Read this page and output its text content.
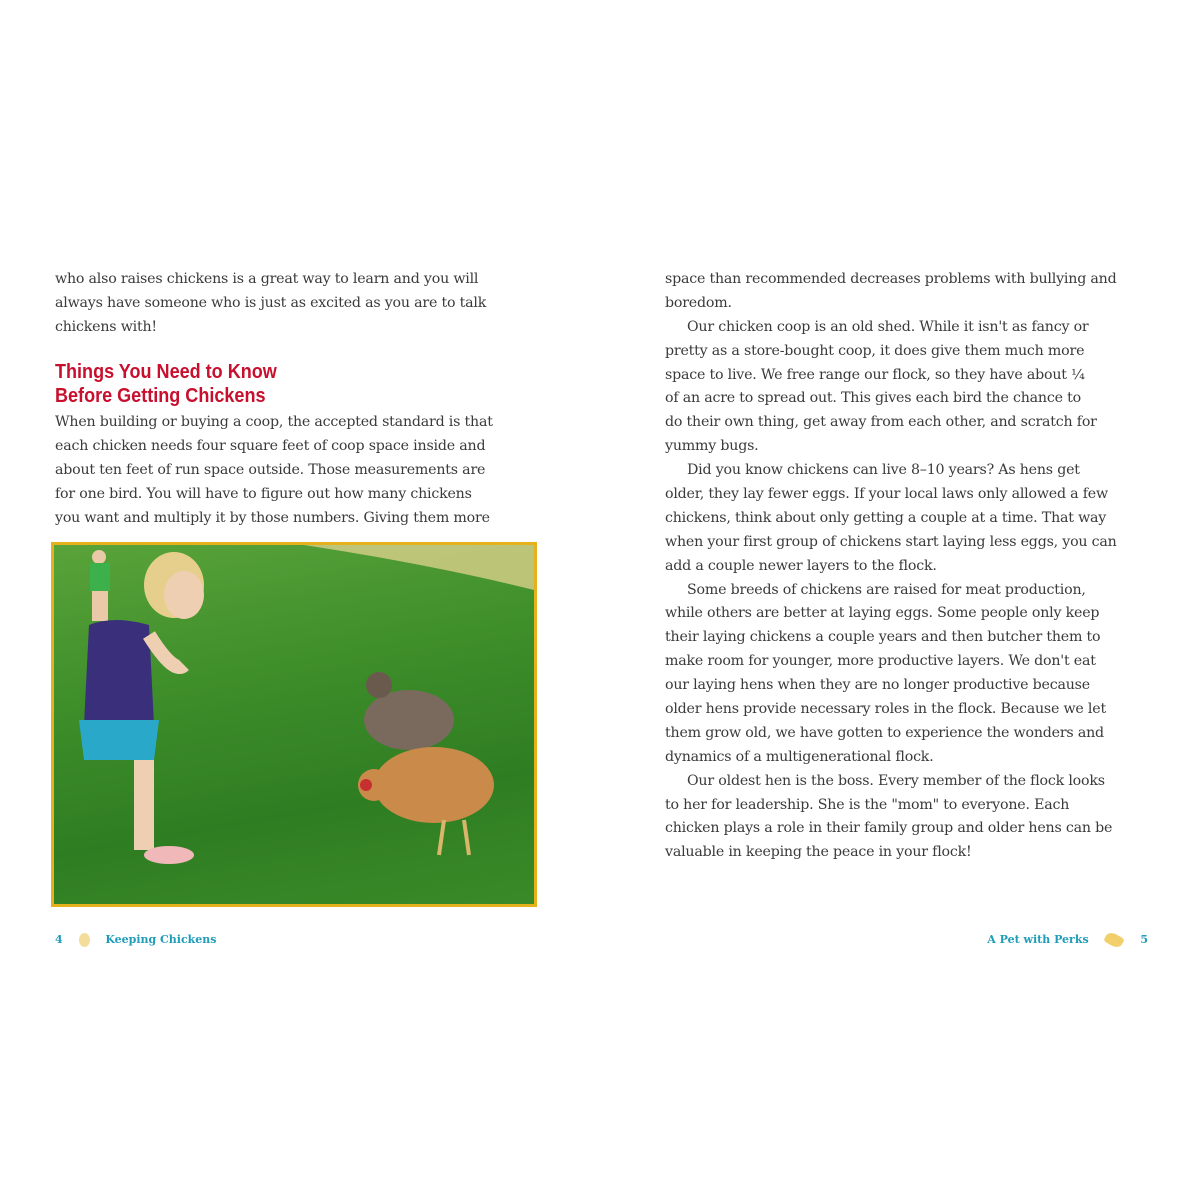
who also raises chickens is a great way to learn and you will
always have someone who is just as excited as you are to talk
chickens with!
Things You Need to Know
Before Getting Chickens
When building or buying a coop, the accepted standard is that
each chicken needs four square feet of coop space inside and
about ten feet of run space outside. Those measurements are
for one bird. You will have to figure out how many chickens
you want and multiply it by those numbers. Giving them more
4	Keeping Chickens	A Pet with Perks	5
space than recommended decreases problems with bullying and
boredom.
Our chicken coop is an old shed. While it isn't as fancy or
pretty as a store-bought coop, it does give them much more
space to live. We free range our flock, so they have about ¼
of an acre to spread out. This gives each bird the chance to
do their own thing, get away from each other, and scratch for
yummy bugs.
Did you know chickens can live 8–10 years? As hens get
older, they lay fewer eggs. If your local laws only allowed a few
chickens, think about only getting a couple at a time. That way
when your first group of chickens start laying less eggs, you can
add a couple newer layers to the flock.
Some breeds of chickens are raised for meat production,
while others are better at laying eggs. Some people only keep
their laying chickens a couple years and then butcher them to
make room for younger, more productive layers. We don't eat
our laying hens when they are no longer productive because
older hens provide necessary roles in the flock. Because we let
them grow old, we have gotten to experience the wonders and
dynamics of a multigenerational flock.
Our oldest hen is the boss. Every member of the flock looks
to her for leadership. She is the "mom" to everyone. Each
chicken plays a role in their family group and older hens can be
valuable in keeping the peace in your flock!
